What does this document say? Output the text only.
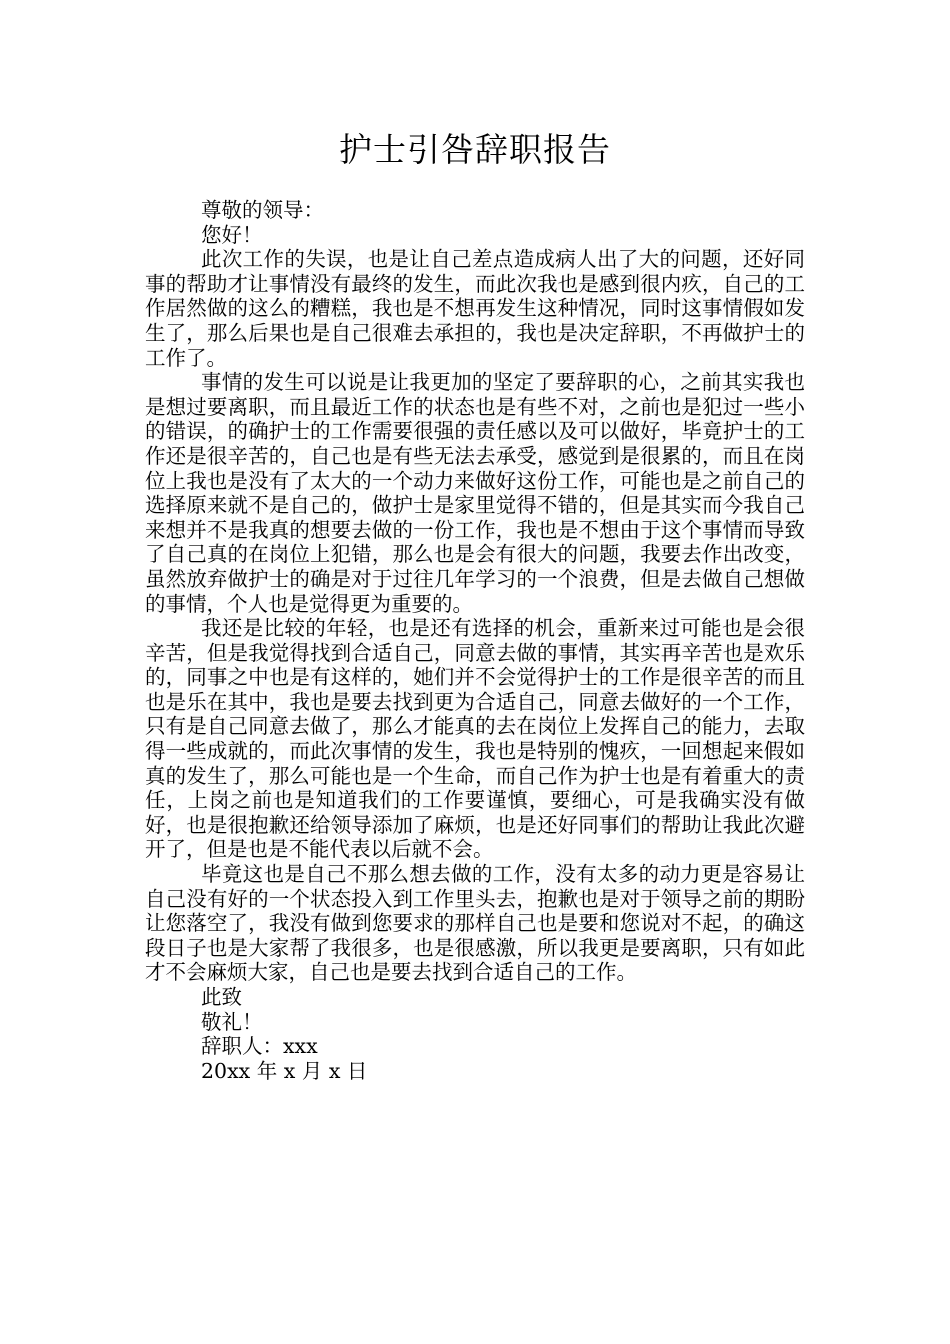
护士引咎辞职报告

尊敬的领导：

您好！

此次工作的失误，也是让自己差点造成病人出了大的问题，还好同事的帮助才让事情没有最终的发生，而此次我也是感到很内疚，自己的工作居然做的这么的糟糕，我也是不想再发生这种情况，同时这事情假如发生了，那么后果也是自己很难去承担的，我也是决定辞职，不再做护士的工作了。

事情的发生可以说是让我更加的坚定了要辞职的心，之前其实我也是想过要离职，而且最近工作的状态也是有些不对，之前也是犯过一些小的错误，的确护士的工作需要很强的责任感以及可以做好，毕竟护士的工作还是很辛苦的，自己也是有些无法去承受，感觉到是很累的，而且在岗位上我也是没有了太大的一个动力来做好这份工作，可能也是之前自己的选择原来就不是自己的，做护士是家里觉得不错的，但是其实而今我自己来想并不是我真的想要去做的一份工作，我也是不想由于这个事情而导致了自己真的在岗位上犯错，那么也是会有很大的问题，我要去作出改变，虽然放弃做护士的确是对于过往几年学习的一个浪费，但是去做自己想做的事情，个人也是觉得更为重要的。

我还是比较的年轻，也是还有选择的机会，重新来过可能也是会很辛苦，但是我觉得找到合适自己，同意去做的事情，其实再辛苦也是欢乐的，同事之中也是有这样的，她们并不会觉得护士的工作是很辛苦的而且也是乐在其中，我也是要去找到更为合适自己，同意去做好的一个工作，只有是自己同意去做了，那么才能真的去在岗位上发挥自己的能力，去取得一些成就的，而此次事情的发生，我也是特别的愧疚，一回想起来假如真的发生了，那么可能也是一个生命，而自己作为护士也是有着重大的责任，上岗之前也是知道我们的工作要谨慎，要细心，可是我确实没有做好，也是很抱歉还给领导添加了麻烦，也是还好同事们的帮助让我此次避开了，但是也是不能代表以后就不会。

毕竟这也是自己不那么想去做的工作，没有太多的动力更是容易让自己没有好的一个状态投入到工作里头去，抱歉也是对于领导之前的期盼让您落空了，我没有做到您要求的那样自己也是要和您说对不起，的确这段日子也是大家帮了我很多，也是很感激，所以我更是要离职，只有如此才不会麻烦大家，自己也是要去找到合适自己的工作。

此致

敬礼！

辞职人：xxx

20xx 年 x 月 x 日
